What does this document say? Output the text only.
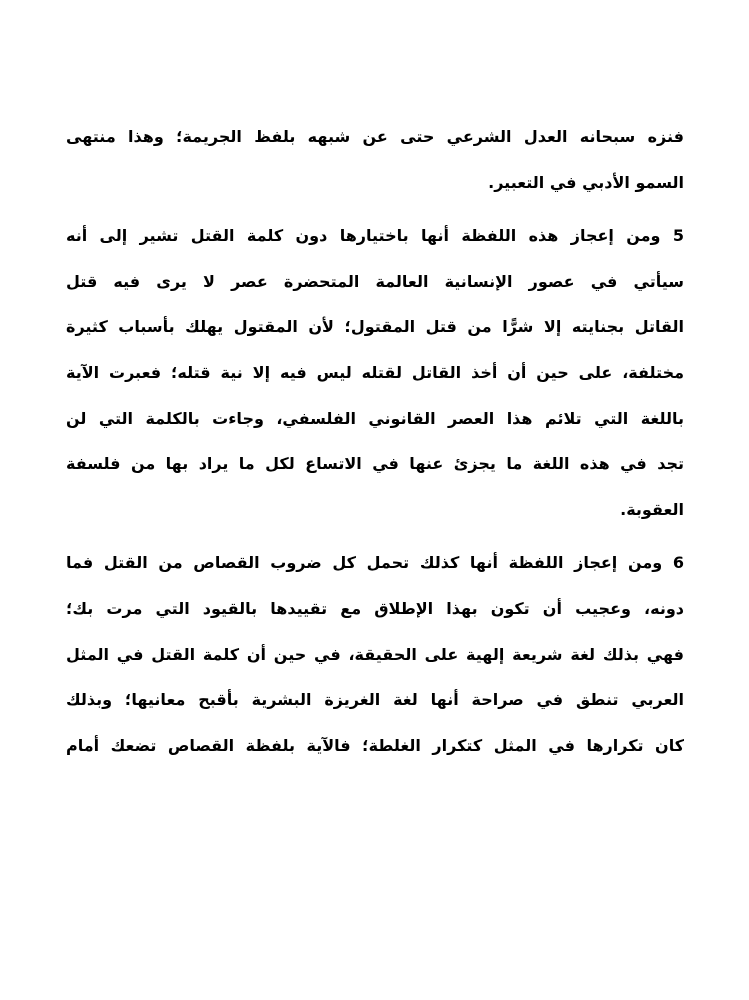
فنزه سبحانه العدل الشرعي حتى عن شبهه بلفظ الجريمة؛ وهذا منتهى
السمو الأدبي في التعبير.
5 ومن إعجاز هذه اللفظة أنها باختيارها دون كلمة القتل تشير إلى أنه
سيأتي في عصور الإنسانية العالمة المتحضرة عصر لا يرى فيه قتل
القاتل بجنايته إلا شرًّا من قتل المقتول؛ لأن المقتول يهلك بأسباب كثيرة
مختلفة، على حين أن أخذ القاتل لقتله ليس فيه إلا نية قتله؛ فعبرت الآية
باللغة التي تلائم هذا العصر القانوني الفلسفي، وجاءت بالكلمة التي لن
تجد في هذه اللغة ما يجزئ عنها في الاتساع لكل ما يراد بها من فلسفة
العقوبة.
6 ومن إعجاز اللفظة أنها كذلك تحمل كل ضروب القصاص من القتل فما
دونه، وعجيب أن تكون بهذا الإطلاق مع تقييدها بالقيود التي مرت بك؛
فهي بذلك لغة شريعة إلهية على الحقيقة، في حين أن كلمة القتل في المثل
العربي تنطق في صراحة أنها لغة الغريزة البشرية بأقبح معانيها؛ وبذلك
كان تكرارها في المثل كتكرار الغلطة؛ فالآية بلفظة القصاص تضعك أمام
